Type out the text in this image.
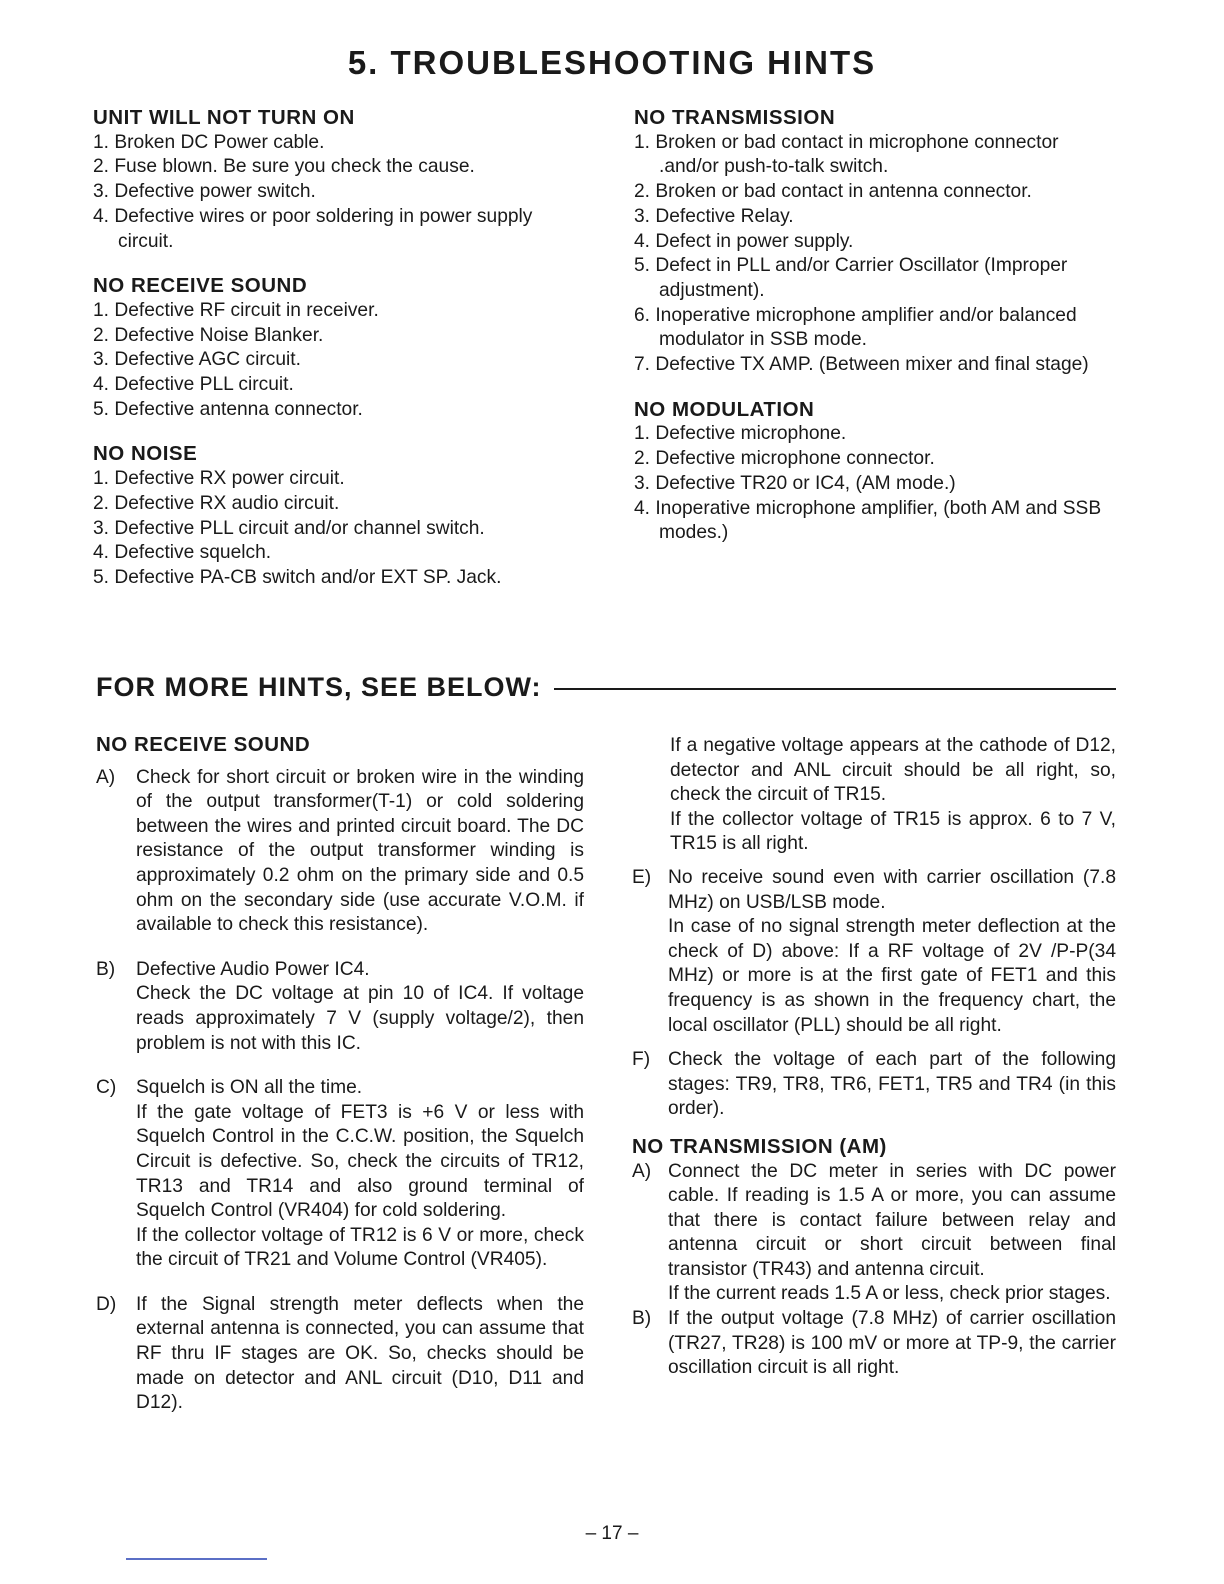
5. TROUBLESHOOTING HINTS

UNIT WILL NOT TURN ON

1. Broken DC Power cable.
2. Fuse blown. Be sure you check the cause.
3. Defective power switch.
4. Defective wires or poor soldering in power supply circuit.

NO RECEIVE SOUND

1. Defective RF circuit in receiver.
2. Defective Noise Blanker.
3. Defective AGC circuit.
4. Defective PLL circuit.
5. Defective antenna connector.

NO NOISE

1. Defective RX power circuit.
2. Defective RX audio circuit.
3. Defective PLL circuit and/or channel switch.
4. Defective squelch.
5. Defective PA-CB switch and/or EXT SP. Jack.

NO TRANSMISSION

1. Broken or bad contact in microphone connector .and/or push-to-talk switch.
2. Broken or bad contact in antenna connector.
3. Defective Relay.
4. Defect in power supply.
5. Defect in PLL and/or Carrier Oscillator (Improper adjustment).
6. Inoperative microphone amplifier and/or balanced modulator in SSB mode.
7. Defective TX AMP. (Between mixer and final stage)

NO MODULATION

1. Defective microphone.
2. Defective microphone connector.
3. Defective TR20 or IC4, (AM mode.)
4. Inoperative microphone amplifier, (both AM and SSB modes.)
FOR MORE HINTS, SEE BELOW:

NO RECEIVE SOUND

A)	Check for short circuit or broken wire in the winding of the output transformer(T-1) or cold soldering between the wires and printed circuit board. The DC resistance of the output transformer winding is approximately 0.2 ohm on the primary side and 0.5 ohm on the secondary side (use accurate V.O.M. if available to check this resistance).

B)	Defective Audio Power IC4.

Check the DC voltage at pin 10 of IC4. If voltage reads approximately 7 V (supply voltage/2), then problem is not with this IC.

C)	Squelch is ON all the time.

If the gate voltage of FET3 is +6 V or less with Squelch Control in the C.C.W. position, the Squelch Circuit is defective. So, check the circuits of TR12, TR13 and TR14 and also ground terminal of Squelch Control (VR404) for cold soldering.

If the collector voltage of TR12 is 6 V or more, check the circuit of TR21 and Volume Control (VR405).

D)	If the Signal strength meter deflects when the external antenna is connected, you can assume that RF thru IF stages are OK. So, checks should be made on detector and ANL circuit (D10, D11 and D12).

If a negative voltage appears at the cathode of D12, detector and ANL circuit should be all right, so, check the circuit of TR15.

If the collector voltage of TR15 is approx. 6 to 7 V, TR15 is all right.

E) No receive sound even with carrier oscillation (7.8 MHz) on USB/LSB mode.

In case of no signal strength meter deflection at the check of D) above: If a RF voltage of 2V /P-P(34 MHz) or more is at the first gate of FET1 and this frequency is as shown in the frequency chart, the local oscillator (PLL) should be all right.

F) Check the voltage of each part of the following stages: TR9, TR8, TR6, FET1, TR5 and TR4 (in this order).

NO TRANSMISSION (AM)

A) Connect the DC meter in series with DC power cable. If reading is 1.5 A or more, you can assume that there is contact failure between relay and antenna circuit or short circuit between final transistor (TR43) and antenna circuit.

If the current reads 1.5 A or less, check prior stages.

B) If the output voltage (7.8 MHz) of carrier oscillation (TR27, TR28) is 100 mV or more at TP-9, the carrier oscillation circuit is all right.

– 17 –
